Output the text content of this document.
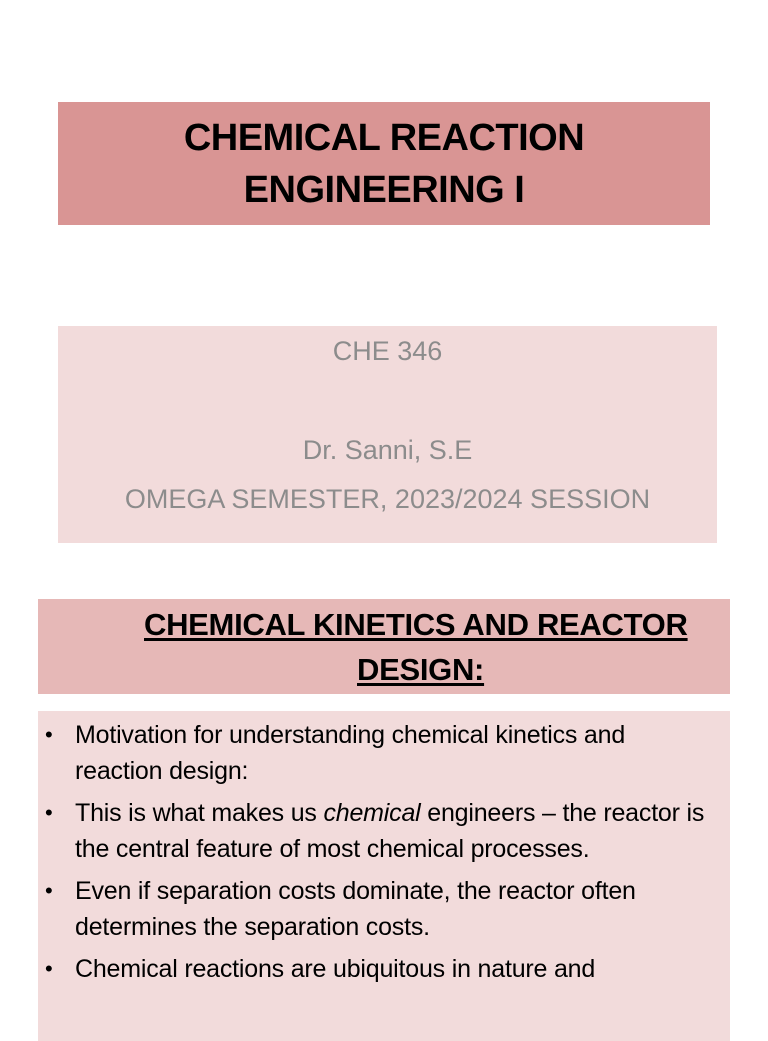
CHEMICAL REACTION
ENGINEERING I
CHE 346
Dr. Sanni, S.E
OMEGA SEMESTER, 2023/2024 SESSION
CHEMICAL KINETICS AND REACTOR
DESIGN:
• Motivation for understanding chemical kinetics and reaction design:
• This is what makes us chemical engineers – the reactor is the central feature of most chemical processes.
• Even if separation costs dominate, the reactor often determines the separation costs.
• Chemical reactions are ubiquitous in nature and
